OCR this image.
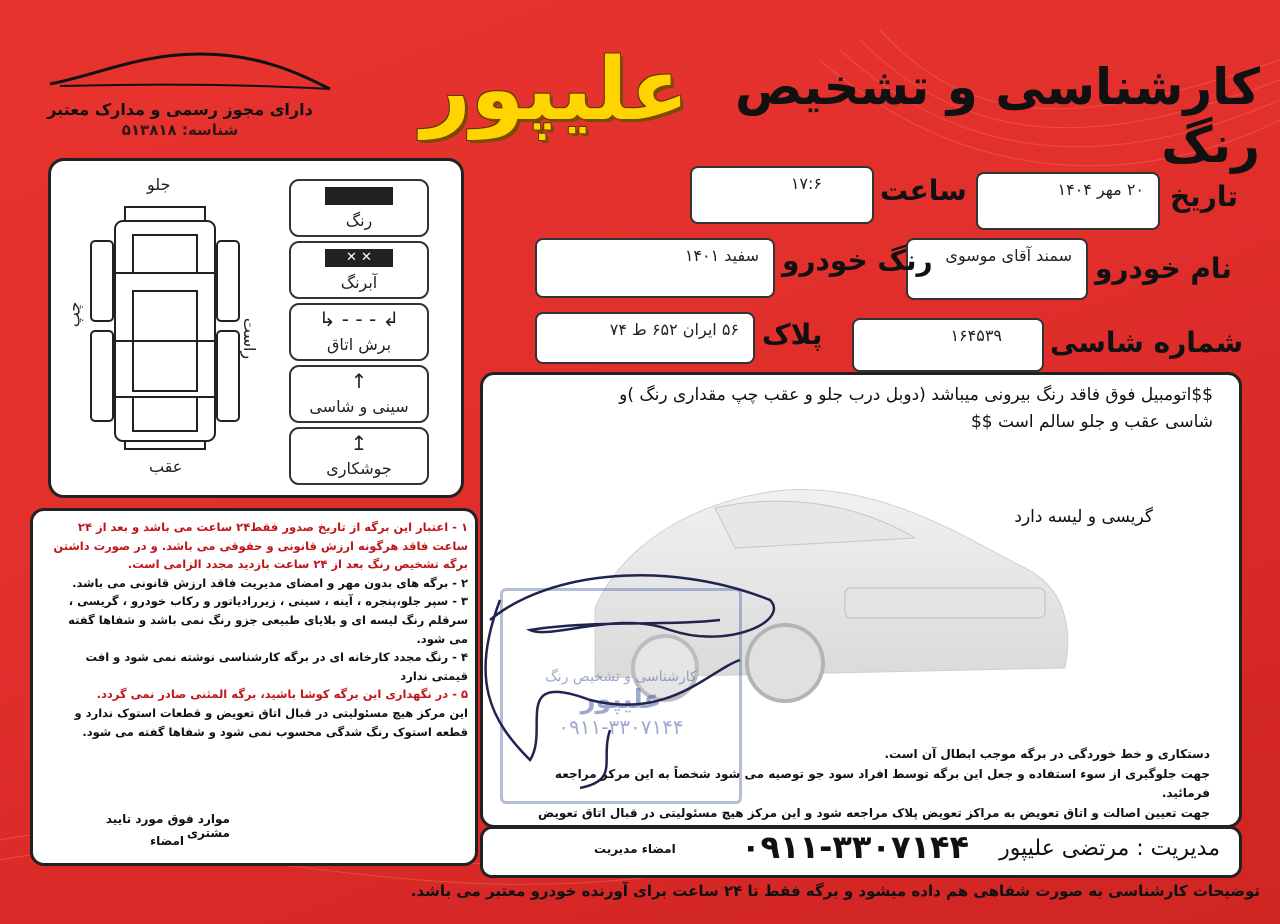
دارای مجوز رسمی و مدارک معتبر
شناسه: ۵۱۳۸۱۸
کارشناسی و تشخیص رنگ
علیپور
جلو
عقب
راست
چپ
رنگ
✕ ✕
آبرنگ
↲ - - - ↳
برش اتاق
↑
سینی و شاسی
↥
جوشکاری
تاریخ
۲۰ مهر ۱۴۰۴
ساعت
۱۷:۶
نام خودرو
سمند آقای موسوی
رنگ خودرو
سفید ۱۴۰۱
شماره شاسی
۱۶۴۵۳۹
پلاک
۵۶ ایران ۶۵۲ ط ۷۴
۱ - اعتبار این برگه از تاریخ صدور فقط۲۴ ساعت می باشد و بعد از ۲۴ ساعت فاقد هرگونه ارزش قانونی و حقوقی می باشد. و در صورت داشتن برگه تشخیص رنگ بعد از ۲۴ ساعت بازدید مجدد الزامی است.
۲ - برگه های بدون مهر و امضای مدیریت فاقد ارزش قانونی می باشد.
۳ - سپر جلو،پنجره ، آینه ، سینی ، زیررادیاتور و رکاب خودرو ، گریسی ، سرقلم رنگ لیسه ای و بلایای طبیعی جزو رنگ نمی باشد و شفاها گفته می شود.
۴ - رنگ مجدد کارخانه ای در برگه کارشناسی نوشته نمی شود و افت قیمتی ندارد
۵ - در نگهداری این برگه کوشا باشید، برگه المثنی صادر نمی گردد.
این مرکز هیچ مسئولیتی در قبال اتاق تعویض و قطعات استوک ندارد و قطعه استوک رنگ شدگی محسوب نمی شود و شفاها گفته می شود.
موارد فوق مورد تایید مشتری
امضاء
کارشناسی و تشخیص رنگ
علیپور
۰۹۱۱-۳۳۰۷۱۴۴
$$اتومبیل فوق فاقد رنگ بیرونی میباشد (دوبل درب جلو و عقب چپ مقداری رنگ )و
شاسی عقب و جلو سالم است $$
گریسی و لیسه دارد
دستکاری و خط خوردگی در برگه موجب ابطال آن است.
جهت جلوگیری از سوء استفاده و جعل این برگه توسط افراد سود جو توصیه می شود شخصاً به این مرکز مراجعه فرمائید.
جهت تعیین اصالت و اتاق تعویض به مراکز تعویض پلاک مراجعه شود و این مرکز هیچ مسئولیتی در قبال اتاق تعویض
مدیریت : مرتضی علیپور
۰۹۱۱-۳۳۰۷۱۴۴
امضاء مدیریت
توضیحات کارشناسی به صورت شفاهی هم داده میشود و برگه فقط تا ۲۴ ساعت برای آورنده خودرو معتبر می باشد.
